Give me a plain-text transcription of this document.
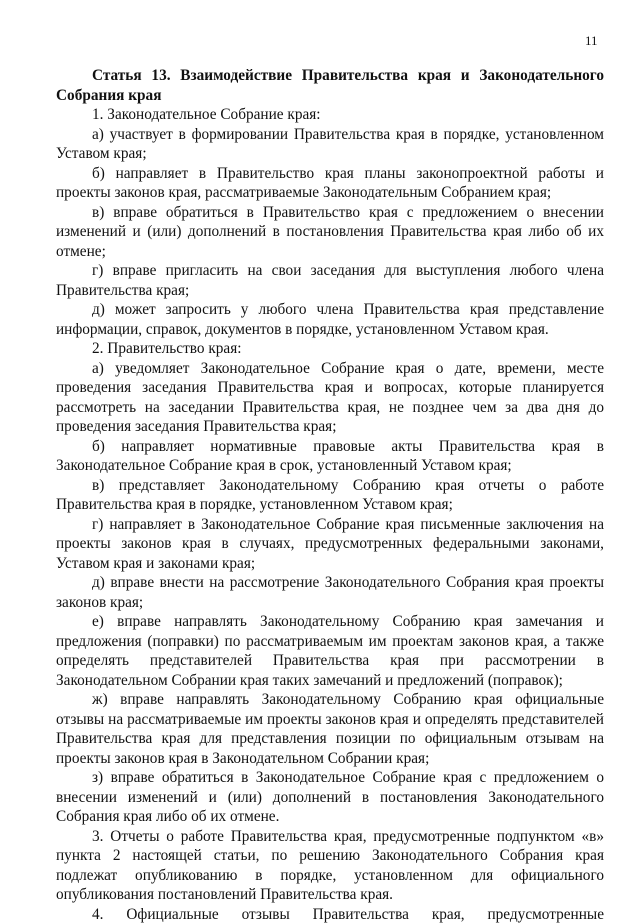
11

Статья 13. Взаимодействие Правительства края и Законодательного Собрания края

1. Законодательное Собрание края:

а) участвует в формировании Правительства края в порядке, установленном Уставом края;

б) направляет в Правительство края планы законопроектной работы и проекты законов края, рассматриваемые Законодательным Собранием края;

в) вправе обратиться в Правительство края с предложением о внесении изменений и (или) дополнений в постановления Правительства края либо об их отмене;

г) вправе пригласить на свои заседания для выступления любого члена Правительства края;

д) может запросить у любого члена Правительства края представление информации, справок, документов в порядке, установленном Уставом края.

2. Правительство края:

а) уведомляет Законодательное Собрание края о дате, времени, месте проведения заседания Правительства края и вопросах, которые планируется рассмотреть на заседании Правительства края, не позднее чем за два дня до проведения заседания Правительства края;

б) направляет нормативные правовые акты Правительства края в Законодательное Собрание края в срок, установленный Уставом края;

в) представляет Законодательному Собранию края отчеты о работе Правительства края в порядке, установленном Уставом края;

г) направляет в Законодательное Собрание края письменные заключения на проекты законов края в случаях, предусмотренных федеральными законами, Уставом края и законами края;

д) вправе внести на рассмотрение Законодательного Собрания края проекты законов края;

е) вправе направлять Законодательному Собранию края замечания и предложения (поправки) по рассматриваемым им проектам законов края, а также определять представителей Правительства края при рассмотрении в Законодательном Собрании края таких замечаний и предложений (поправок);

ж) вправе направлять Законодательному Собранию края официальные отзывы на рассматриваемые им проекты законов края и определять представителей Правительства края для представления позиции по официальным отзывам на проекты законов края в Законодательном Собрании края;

з) вправе обратиться в Законодательное Собрание края с предложением о внесении изменений и (или) дополнений в постановления Законодательного Собрания края либо об их отмене.

3. Отчеты о работе Правительства края, предусмотренные подпунктом «в» пункта 2 настоящей статьи, по решению Законодательного Собрания края подлежат опубликованию в порядке, установленном для официального опубликования постановлений Правительства края.

4. Официальные отзывы Правительства края, предусмотренные
